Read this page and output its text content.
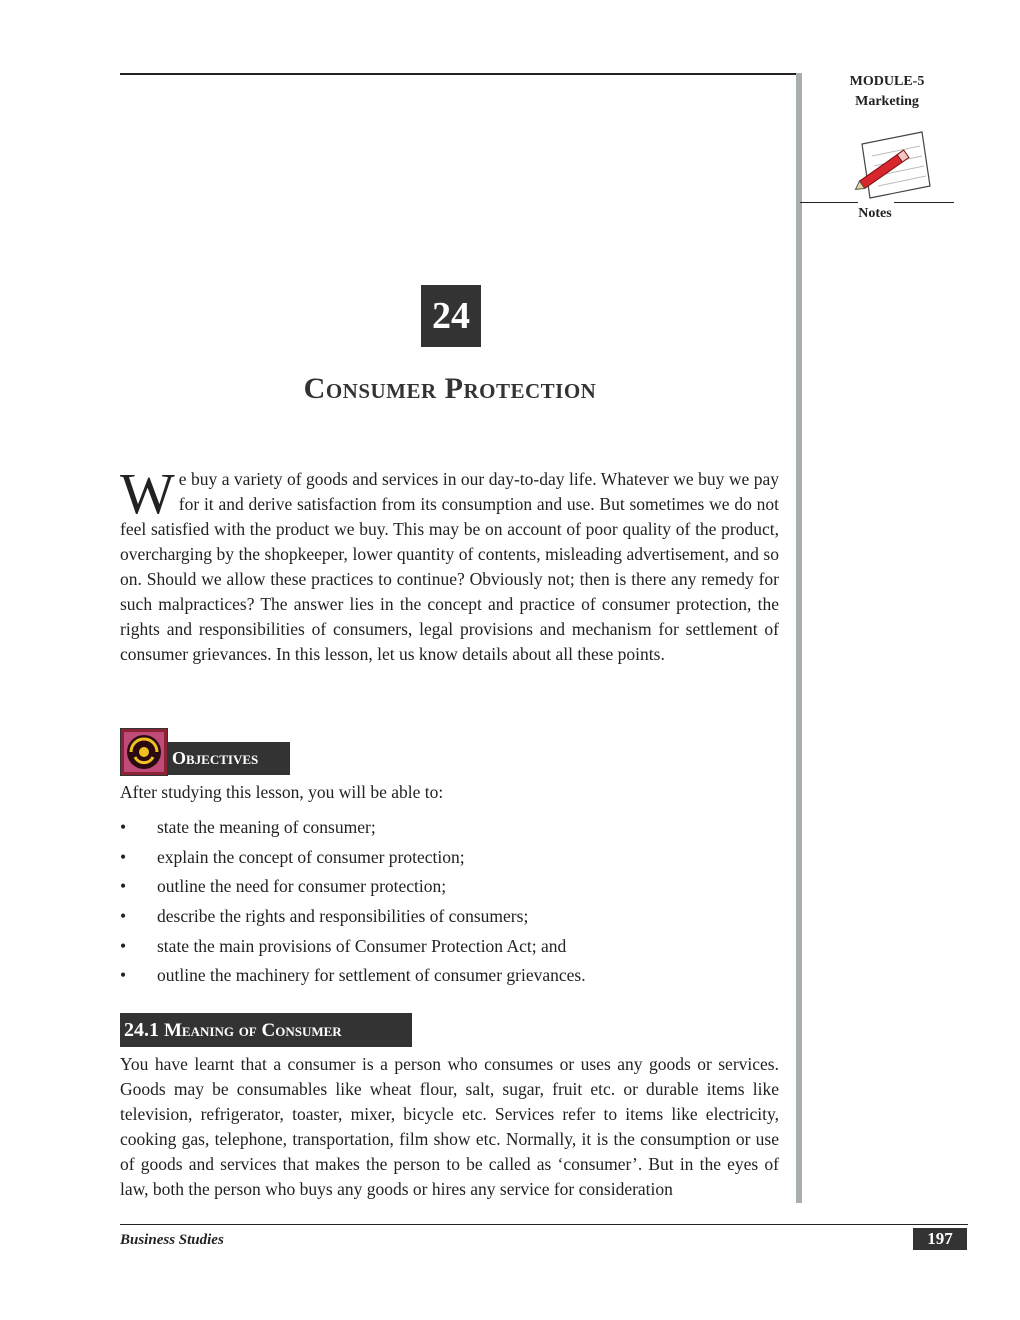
MODULE-5
Marketing
Notes
24
Consumer Protection
We buy a variety of goods and services in our day-to-day life. Whatever we buy we pay for it and derive satisfaction from its consumption and use. But sometimes we do not feel satisfied with the product we buy. This may be on account of poor quality of the product, overcharging by the shopkeeper, lower quantity of contents, misleading advertisement, and so on. Should we allow these practices to continue? Obviously not; then is there any remedy for such malpractices? The answer lies in the concept and practice of consumer protection, the rights and responsibilities of consumers, legal provisions and mechanism for settlement of consumer grievances. In this lesson, let us know details about all these points.
Objectives
After studying this lesson, you will be able to:
• state the meaning of consumer;
• explain the concept of consumer protection;
• outline the need for consumer protection;
• describe the rights and responsibilities of consumers;
• state the main provisions of Consumer Protection Act; and
• outline the machinery for settlement of consumer grievances.
24.1 Meaning of Consumer
You have learnt that a consumer is a person who consumes or uses any goods or services. Goods may be consumables like wheat flour, salt, sugar, fruit etc. or durable items like television, refrigerator, toaster, mixer, bicycle etc. Services refer to items like electricity, cooking gas, telephone, transportation, film show etc. Normally, it is the consumption or use of goods and services that makes the person to be called as ‘consumer’. But in the eyes of law, both the person who buys any goods or hires any service for consideration
Business Studies	197
